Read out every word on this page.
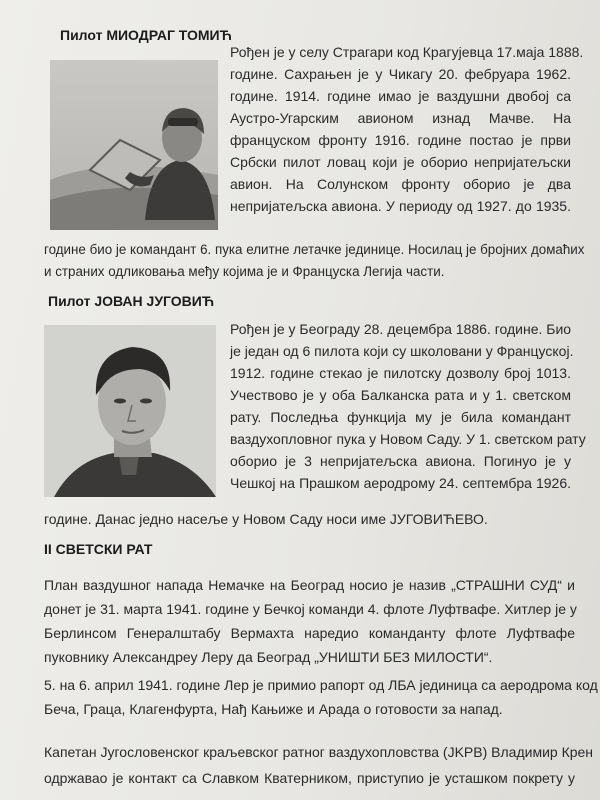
Пилот МИОДРАГ ТОМИЋ
Рођен је у селу Страгари код Крагујевца 17.маја 1888.
године. Сахрањен је у Чикагу 20. фебруара 1962.
године. 1914. године имао је ваздушни двобој са
Аустро-Угарским авионом изнад Мачве. На
француском фронту 1916. године постао је први
Србски пилот ловац који је оборио непријатељски
авион. На Солунском фронту оборио је два
непријатељска авиона. У периоду од 1927. до 1935.
године био је командант 6. пука елитне летачке јединице. Носилац је бројних домаћих
и страних одликовања међу којима је и Француска Легија части.
Пилот ЈОВАН ЈУГОВИЋ
Рођен је у Београду 28. децембра 1886. године. Био
је један од 6 пилота који су школовани у Француској.
1912. године стекао је пилотску дозволу број 1013.
Учествово је у оба Балканска рата и у 1. светском
рату. Последња функција му је била командант
ваздухопловног пука у Новом Саду. У 1. светском рату
оборио је 3 непријатељска авиона. Погинуо је у
Чешкој на Прашком аеродрому 24. септембра 1926.
године. Данас једно насеље у Новом Саду носи име ЈУГОВИЋЕВО.
II СВЕТСКИ РАТ
План ваздушног напада Немачке на Београд носио је назив „СТРАШНИ СУД“ и
донет је 31. марта 1941. године у Бечкој команди 4. флоте Луфтвафе. Хитлер је у
Берлинсом Генералштабу Вермахта наредио команданту флоте Луфтвафе
пуковнику Александреу Леру да Београд „УНИШТИ БЕЗ МИЛОСТИ“.
5. на 6. април 1941. године Лер је примио рапорт од ЛБА јединица са аеродрома код
Беча, Граца, Клагенфурта, Нађ Кањиже и Арада о готовости за напад.
Капетан Југословенског краљевског ратног ваздухопловства (JKPB) Владимир Крен
одржавао је контакт са Славком Кватерником, приступио је усташком покрету у
